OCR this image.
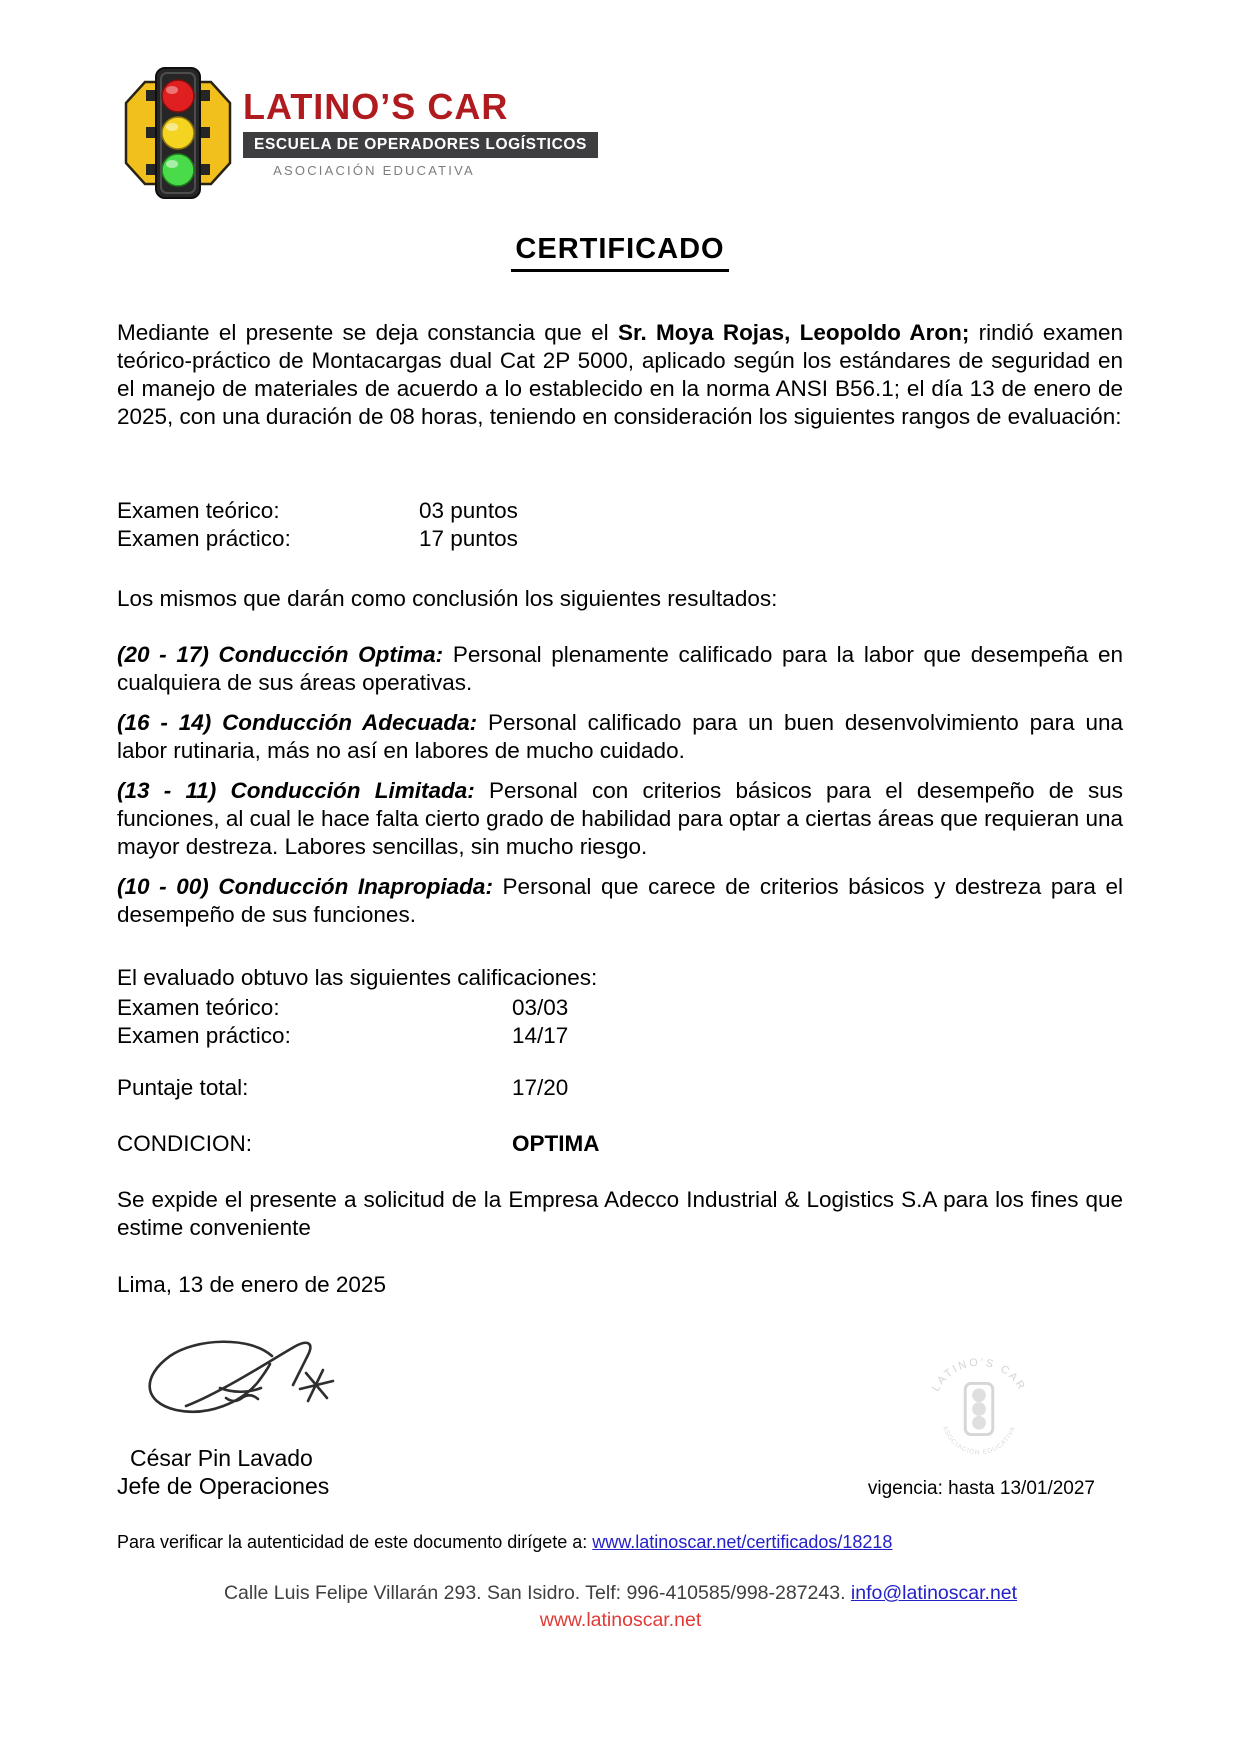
LATINO’S CAR
ESCUELA DE OPERADORES LOGÍSTICOS
ASOCIACIÓN EDUCATIVA
CERTIFICADO

Mediante el presente se deja constancia que el Sr. Moya Rojas, Leopoldo Aron; rindió examen teórico-práctico de Montacargas dual Cat 2P 5000, aplicado según los estándares de seguridad en el manejo de materiales de acuerdo a lo establecido en la norma ANSI B56.1; el día 13 de enero de 2025, con una duración de 08 horas, teniendo en consideración los siguientes rangos de evaluación:

Examen teórico:	03 puntos
Examen práctico:	17 puntos
Los mismos que darán como conclusión los siguientes resultados:

(20 - 17) Conducción Optima: Personal plenamente calificado para la labor que desempeña en cualquiera de sus áreas operativas.

(16 - 14) Conducción Adecuada: Personal calificado para un buen desenvolvimiento para una labor rutinaria, más no así en labores de mucho cuidado.

(13 - 11) Conducción Limitada: Personal con criterios básicos para el desempeño de sus funciones, al cual le hace falta cierto grado de habilidad para optar a ciertas áreas que requieran una mayor destreza. Labores sencillas, sin mucho riesgo.

(10 - 00) Conducción Inapropiada: Personal que carece de criterios básicos y destreza para el desempeño de sus funciones.

El evaluado obtuvo las siguientes calificaciones:
Examen teórico:	03/03
Examen práctico:	14/17
Puntaje total:	17/20
CONDICION:	OPTIMA

Se expide el presente a solicitud de la Empresa Adecco Industrial & Logistics S.A para los fines que estime conveniente

Lima, 13 de enero de 2025
César Pin Lavado
Jefe de Operaciones
LATINO’S CAR
ASOCIACIÓN EDUCATIVA
vigencia: hasta 13/01/2027
Para verificar la autenticidad de este documento dirígete a: www.latinoscar.net/certificados/18218
Calle Luis Felipe Villarán 293. San Isidro. Telf: 996-410585/998-287243. info@latinoscar.net
www.latinoscar.net
